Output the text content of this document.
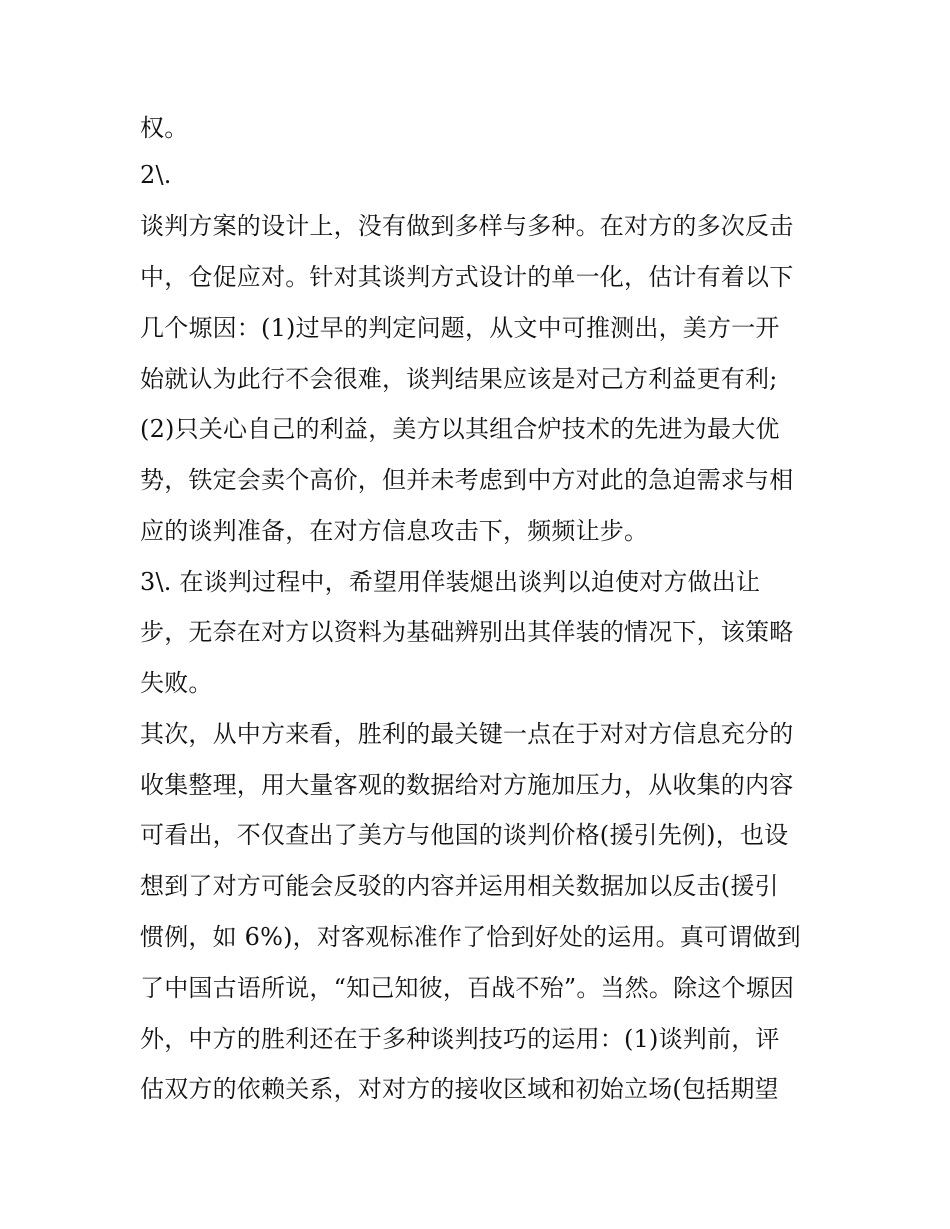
权。

2\.

谈判方案的设计上，没有做到多样与多种。在对方的多次反击

中，仓促应对。针对其谈判方式设计的单一化，估计有着以下

几个塬因：(1)过早的判定问题，从文中可推测出，美方一开

始就认为此行不会很难，谈判结果应该是对己方利益更有利;

(2)只关心自己的利益，美方以其组合炉技术的先进为最大优

势，铁定会卖个高价，但并未考虑到中方对此的急迫需求与相

应的谈判准备，在对方信息攻击下，频频让步。

3\. 在谈判过程中，希望用佯装煺出谈判以迫使对方做出让

步，无奈在对方以资料为基础辨别出其佯装的情况下，该策略

失败。

其次，从中方来看，胜利的最关键一点在于对对方信息充分的

收集整理，用大量客观的数据给对方施加压力，从收集的内容

可看出，不仅查出了美方与他国的谈判价格(援引先例)，也设

想到了对方可能会反驳的内容并运用相关数据加以反击(援引

惯例，如 6%)，对客观标准作了恰到好处的运用。真可谓做到

了中国古语所说，“知己知彼，百战不殆”。当然。除这个塬因

外，中方的胜利还在于多种谈判技巧的运用：(1)谈判前，评

估双方的依赖关系，对对方的接收区域和初始立场(包括期望
